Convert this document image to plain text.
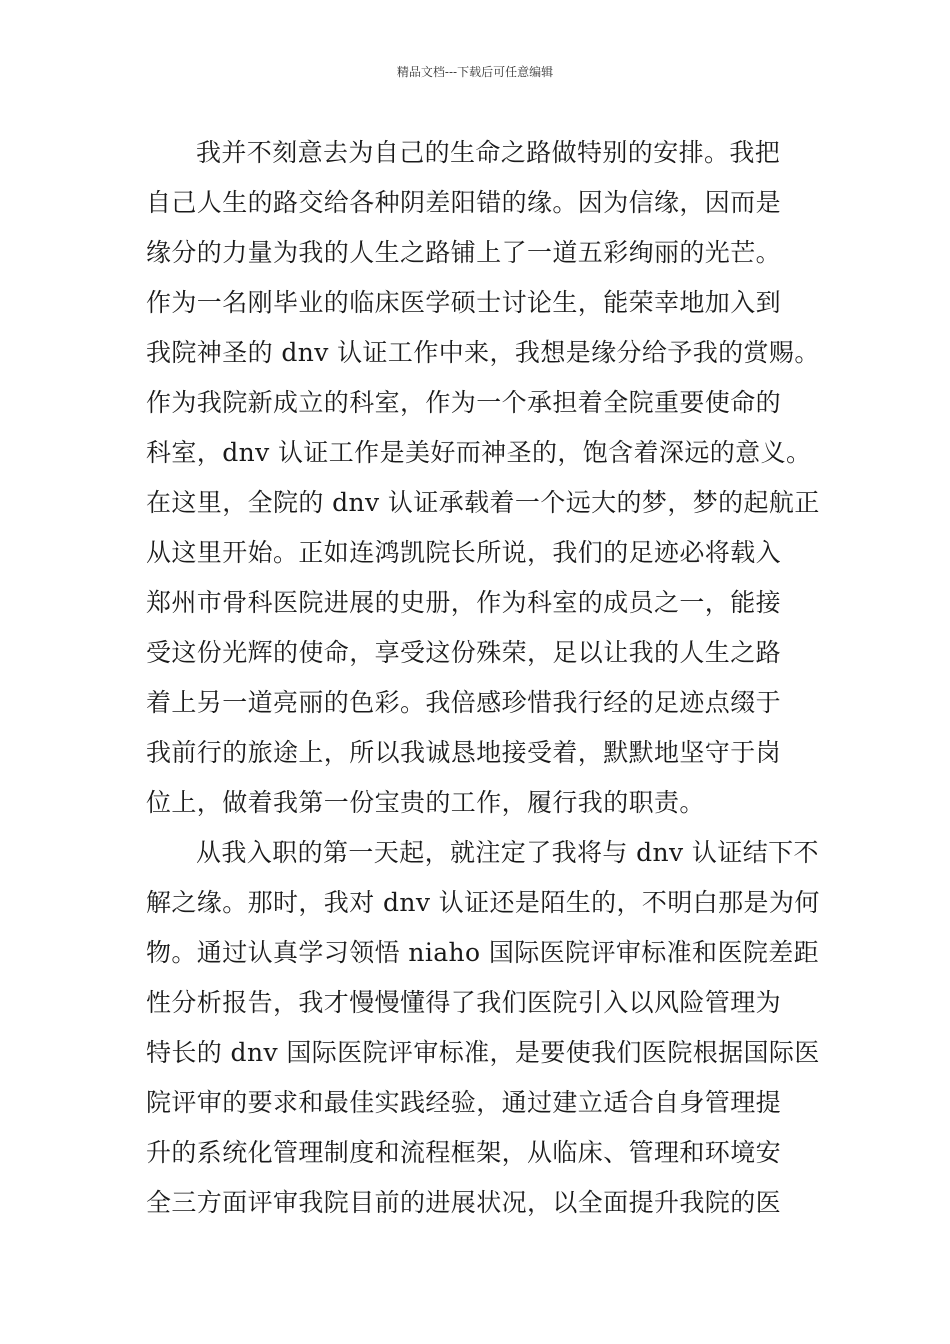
精品文档---下载后可任意编辑
我并不刻意去为自己的生命之路做特别的安排。我把
自己人生的路交给各种阴差阳错的缘。因为信缘，因而是
缘分的力量为我的人生之路铺上了一道五彩绚丽的光芒。
作为一名刚毕业的临床医学硕士讨论生，能荣幸地加入到
我院神圣的 dnv 认证工作中来，我想是缘分给予我的赏赐。
作为我院新成立的科室，作为一个承担着全院重要使命的
科室，dnv 认证工作是美好而神圣的，饱含着深远的意义。
在这里，全院的 dnv 认证承载着一个远大的梦，梦的起航正
从这里开始。正如连鸿凯院长所说，我们的足迹必将载入
郑州市骨科医院进展的史册，作为科室的成员之一，能接
受这份光辉的使命，享受这份殊荣，足以让我的人生之路
着上另一道亮丽的色彩。我倍感珍惜我行经的足迹点缀于
我前行的旅途上，所以我诚恳地接受着，默默地坚守于岗
位上，做着我第一份宝贵的工作，履行我的职责。
从我入职的第一天起，就注定了我将与 dnv 认证结下不
解之缘。那时，我对 dnv 认证还是陌生的，不明白那是为何
物。通过认真学习领悟 niaho 国际医院评审标准和医院差距
性分析报告，我才慢慢懂得了我们医院引入以风险管理为
特长的 dnv 国际医院评审标准，是要使我们医院根据国际医
院评审的要求和最佳实践经验，通过建立适合自身管理提
升的系统化管理制度和流程框架，从临床、管理和环境安
全三方面评审我院目前的进展状况，以全面提升我院的医
